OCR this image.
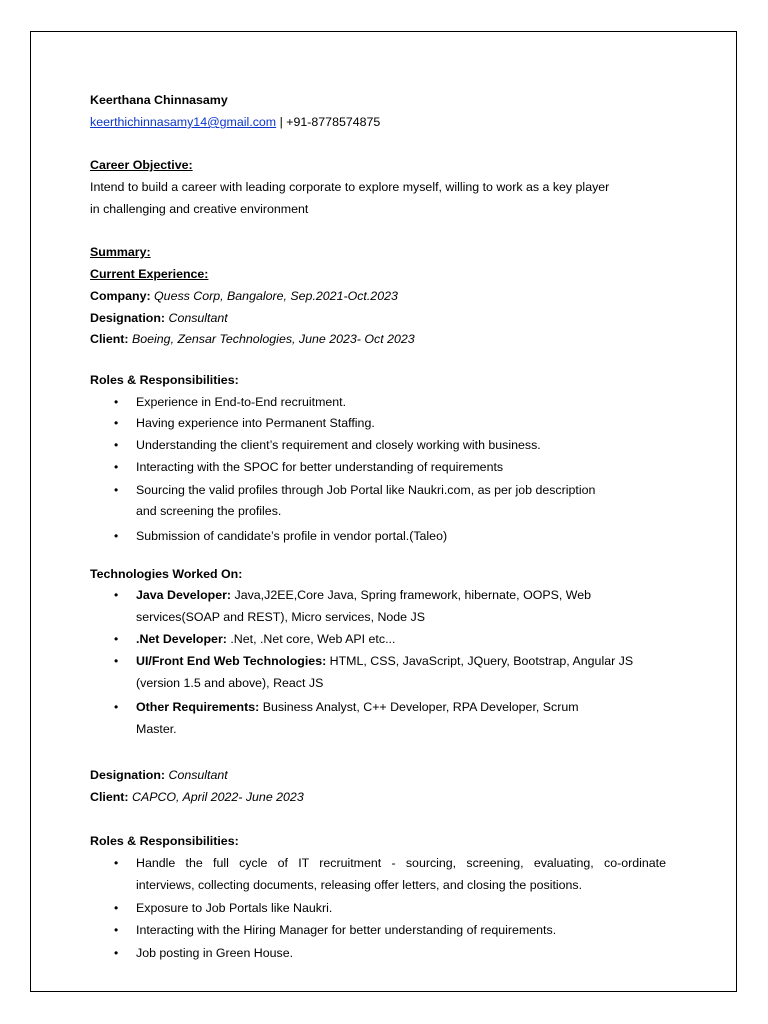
Keerthana Chinnasamy
keerthichinnasamy14@gmail.com | +91-8778574875
Career Objective:
Intend to build a career with leading corporate to explore myself, willing to work as a key player
in challenging and creative environment
Summary:
Current Experience:
Company: Quess Corp, Bangalore, Sep.2021-Oct.2023
Designation: Consultant
Client: Boeing, Zensar Technologies, June 2023- Oct 2023
Roles & Responsibilities:
• Experience in End-to-End recruitment.
• Having experience into Permanent Staffing.
• Understanding the client’s requirement and closely working with business.
• Interacting with the SPOC for better understanding of requirements
• Sourcing the valid profiles through Job Portal like Naukri.com, as per job description
and screening the profiles.
• Submission of candidate’s profile in vendor portal.(Taleo)
Technologies Worked On:
• Java Developer: Java,J2EE,Core Java, Spring framework, hibernate, OOPS, Web
services(SOAP and REST), Micro services, Node JS
• .Net Developer: .Net, .Net core, Web API etc...
• UI/Front End Web Technologies: HTML, CSS, JavaScript, JQuery, Bootstrap, Angular JS
(version 1.5 and above), React JS
• Other Requirements: Business Analyst, C++ Developer, RPA Developer, Scrum
Master.
Designation: Consultant
Client: CAPCO, April 2022- June 2023
Roles & Responsibilities:
• Handle the full cycle of IT recruitment - sourcing, screening, evaluating, co-ordinate
interviews, collecting documents, releasing offer letters, and closing the positions.
• Exposure to Job Portals like Naukri.
• Interacting with the Hiring Manager for better understanding of requirements.
• Job posting in Green House.
